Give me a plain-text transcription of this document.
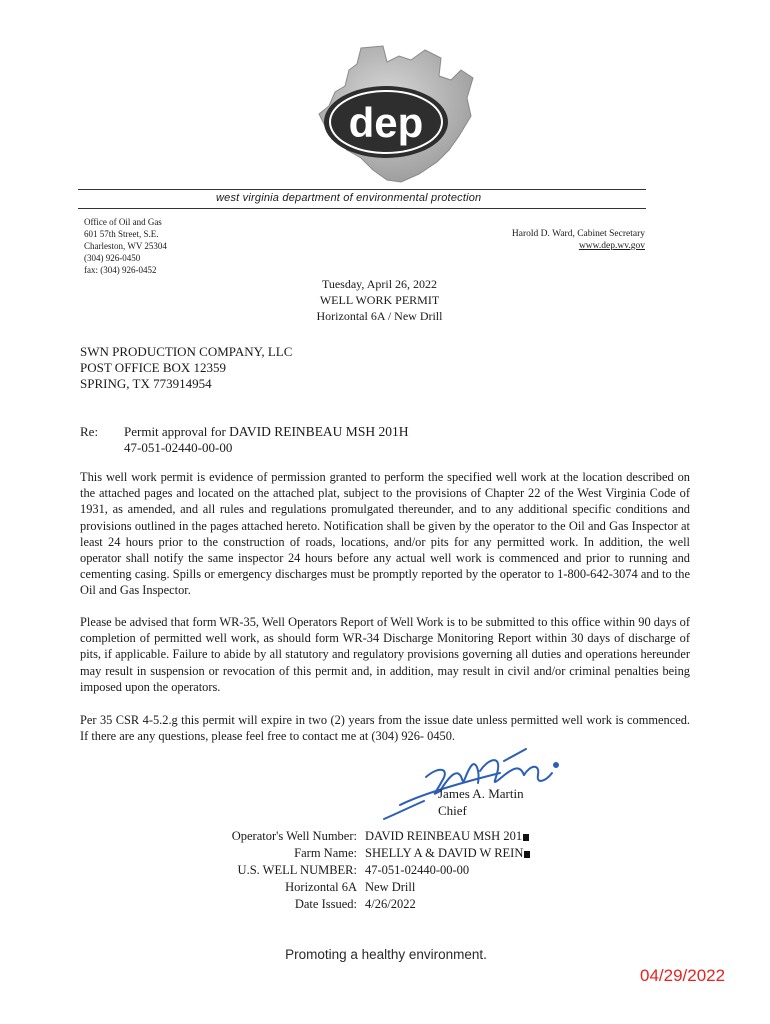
dep
west virginia department of environmental protection
Office of Oil and Gas
601 57th Street, S.E.
Charleston, WV 25304
(304) 926-0450
fax: (304) 926-0452
Harold D. Ward, Cabinet Secretary
www.dep.wv.gov
Tuesday, April 26, 2022
WELL WORK PERMIT
Horizontal 6A / New Drill
SWN PRODUCTION COMPANY, LLC
POST OFFICE BOX 12359
SPRING, TX 773914954
Re: Permit approval for DAVID REINBEAU MSH 201H
47-051-02440-00-00
This well work permit is evidence of permission granted to perform the specified well work at the location described on the attached pages and located on the attached plat, subject to the provisions of Chapter 22 of the West Virginia Code of 1931, as amended, and all rules and regulations promulgated thereunder, and to any additional specific conditions and provisions outlined in the pages attached hereto. Notification shall be given by the operator to the Oil and Gas Inspector at least 24 hours prior to the construction of roads, locations, and/or pits for any permitted work. In addition, the well operator shall notify the same inspector 24 hours before any actual well work is commenced and prior to running and cementing casing. Spills or emergency discharges must be promptly reported by the operator to 1-800-642-3074 and to the Oil and Gas Inspector.
Please be advised that form WR-35, Well Operators Report of Well Work is to be submitted to this office within 90 days of completion of permitted well work, as should form WR-34 Discharge Monitoring Report within 30 days of discharge of pits, if applicable. Failure to abide by all statutory and regulatory provisions governing all duties and operations hereunder may result in suspension or revocation of this permit and, in addition, may result in civil and/or criminal penalties being imposed upon the operators.
Per 35 CSR 4-5.2.g this permit will expire in two (2) years from the issue date unless permitted well work is commenced. If there are any questions, please feel free to contact me at (304) 926- 0450.
James A. Martin
Chief
Operator's Well Number:
Farm Name:
U.S. WELL NUMBER:
Horizontal 6A
Date Issued:
DAVID REINBEAU MSH 201
SHELLY A & DAVID W REIN
47-051-02440-00-00
New Drill
4/26/2022
Promoting a healthy environment.
04/29/2022
